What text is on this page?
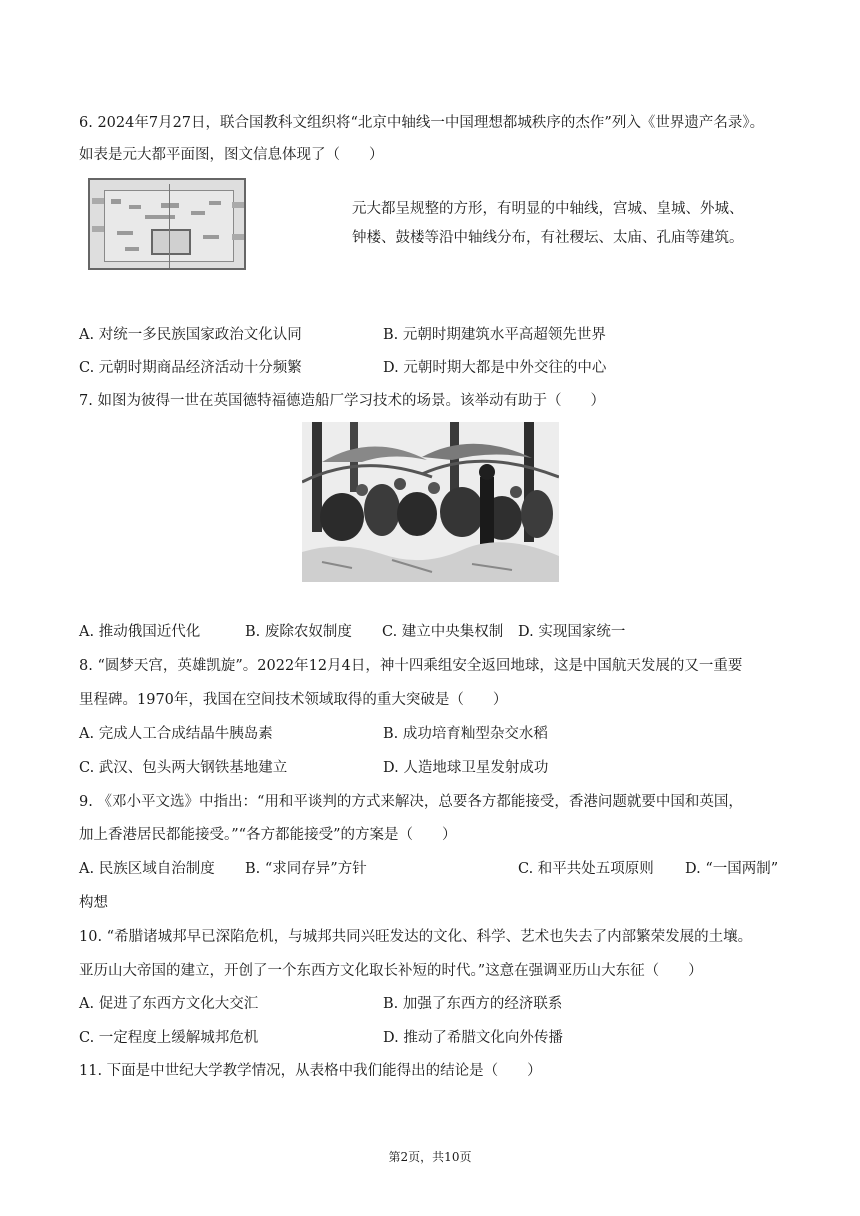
6. 2024年7月27日，联合国教科文组织将“北京中轴线一中国理想都城秩序的杰作”列入《世界遗产名录》。
如表是元大都平面图，图文信息体现了（　　）
元大都呈规整的方形，有明显的中轴线，宫城、皇城、外城、
钟楼、鼓楼等沿中轴线分布，有社稷坛、太庙、孔庙等建筑。
A. 对统一多民族国家政治文化认同	B. 元朝时期建筑水平高超领先世界
C. 元朝时期商品经济活动十分频繁	D. 元朝时期大都是中外交往的中心
7. 如图为彼得一世在英国德特福德造船厂学习技术的场景。该举动有助于（　　）
A. 推动俄国近代化	B. 废除农奴制度 C. 建立中央集权制 D. 实现国家统一
8. “圆梦天宫，英雄凯旋”。2022年12月4日，神十四乘组安全返回地球，这是中国航天发展的又一重要
里程碑。1970年，我国在空间技术领域取得的重大突破是（　　）
A. 完成人工合成结晶牛胰岛素	B. 成功培育籼型杂交水稻
C. 武汉、包头两大钢铁基地建立	D. 人造地球卫星发射成功
9. 《邓小平文选》中指出：“用和平谈判的方式来解决，总要各方都能接受，香港问题就要中国和英国，
加上香港居民都能接受。”“各方都能接受”的方案是（　　）
A. 民族区域自治制度 B. “求同存异”方针	C. 和平共处五项原则 D. “一国两制”
构想
10. “希腊诸城邦早已深陷危机，与城邦共同兴旺发达的文化、科学、艺术也失去了内部繁荣发展的土壤。
亚历山大帝国的建立，开创了一个东西方文化取长补短的时代。”这意在强调亚历山大东征（　　）
A. 促进了东西方文化大交汇	B. 加强了东西方的经济联系
C. 一定程度上缓解城邦危机	D. 推动了希腊文化向外传播
11. 下面是中世纪大学教学情况，从表格中我们能得出的结论是（　　）
第2页，共10页
